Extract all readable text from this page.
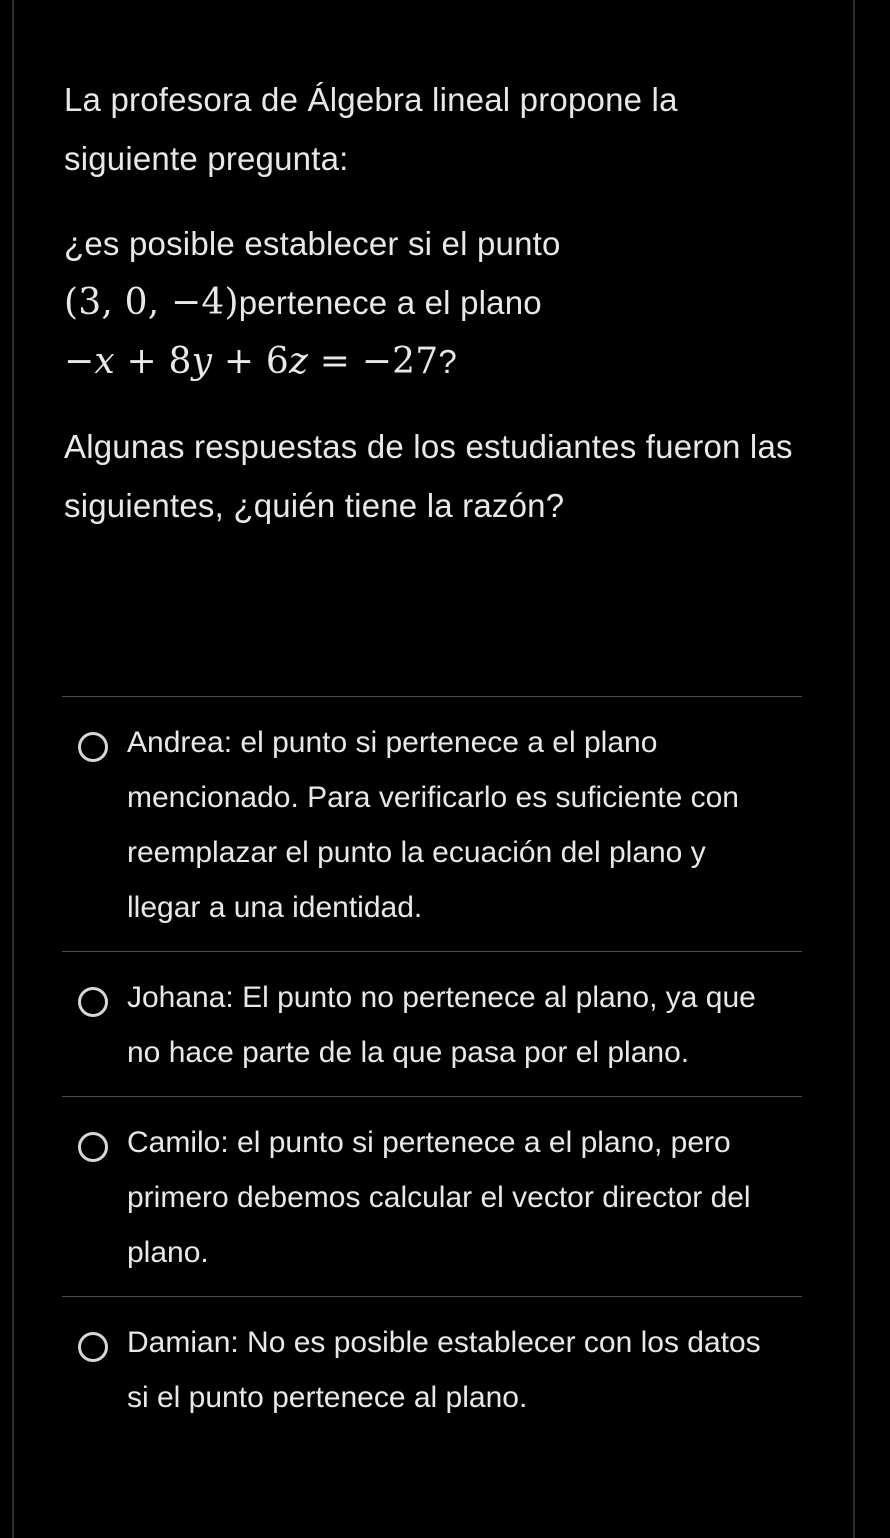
La profesora de Álgebra lineal propone la siguiente pregunta:

¿es posible establecer si el punto
(3, 0, −4)pertenece a el plano
−x + 8y + 6z = −27?

Algunas respuestas de los estudiantes fueron las siguientes, ¿quién tiene la razón?

Andrea: el punto si pertenece a el plano mencionado. Para verificarlo es suficiente con reemplazar el punto la ecuación del plano y llegar a una identidad.
Johana: El punto no pertenece al plano, ya que no hace parte de la que pasa por el plano.
Camilo: el punto si pertenece a el plano, pero primero debemos calcular el vector director del plano.
Damian: No es posible establecer con los datos si el punto pertenece al plano.
